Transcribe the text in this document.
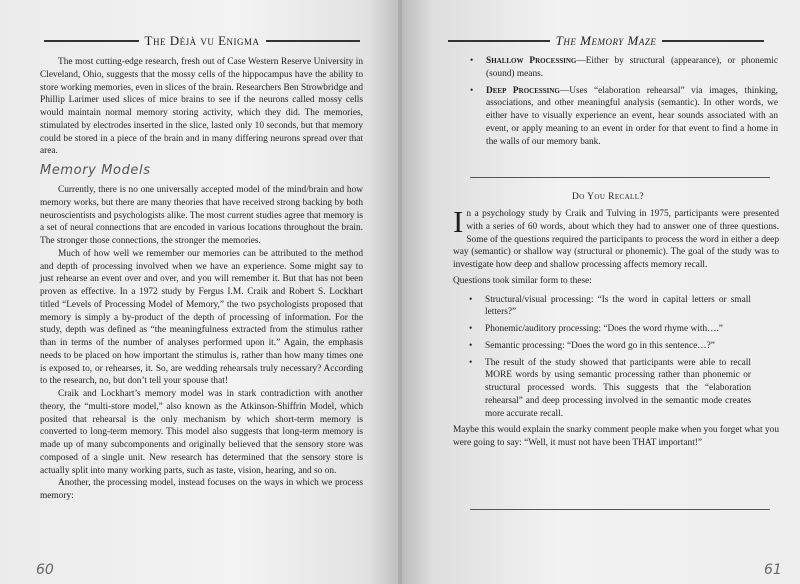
The Déjà vu Enigma

The most cutting-edge research, fresh out of Case Western Reserve University in Cleveland, Ohio, suggests that the mossy cells of the hippocampus have the ability to store working memories, even in slices of the brain. Researchers Ben Strowbridge and Phillip Larimer used slices of mice brains to see if the neurons called mossy cells would maintain normal memory storing activity, which they did. The memories, stimulated by electrodes inserted in the slice, lasted only 10 seconds, but that memory could be stored in a piece of the brain and in many differing neurons spread over that area.

Memory Models

Currently, there is no one universally accepted model of the mind/brain and how memory works, but there are many theories that have received strong backing by both neuroscientists and psychologists alike. The most current studies agree that memory is a set of neural connections that are encoded in various locations throughout the brain. The stronger those connections, the stronger the memories.

Much of how well we remember our memories can be attributed to the method and depth of processing involved when we have an experience. Some might say to just rehearse an event over and over, and you will remember it. But that has not been proven as effective. In a 1972 study by Fergus I.M. Craik and Robert S. Lockhart titled “Levels of Processing Model of Memory,” the two psychologists proposed that memory is simply a by-product of the depth of processing of information. For the study, depth was defined as “the meaningfulness extracted from the stimulus rather than in terms of the number of analyses performed upon it.” Again, the emphasis needs to be placed on how important the stimulus is, rather than how many times one is exposed to, or rehearses, it. So, are wedding rehearsals truly necessary? According to the research, no, but don’t tell your spouse that!

Craik and Lockhart’s memory model was in stark contradiction with another theory, the “multi-store model,” also known as the Atkinson-Shiffrin Model, which posited that rehearsal is the only mechanism by which short-term memory is converted to long-term memory. This model also suggests that long-term memory is made up of many subcomponents and originally believed that the sensory store was composed of a single unit. New research has determined that the sensory store is actually split into many working parts, such as taste, vision, hearing, and so on.

Another, the processing model, instead focuses on the ways in which we process memory:

60
The Memory Maze
• Shallow Processing—Either by structural (appearance), or phonemic (sound) means.
• Deep Processing—Uses “elaboration rehearsal” via images, thinking, associations, and other meaningful analysis (semantic). In other words, we either have to visually experience an event, hear sounds associated with an event, or apply meaning to an event in order for that event to find a home in the walls of our memory bank.
Do You Recall?

In a psychology study by Craik and Tulving in 1975, participants were presented with a series of 60 words, about which they had to answer one of three questions. Some of the questions required the participants to process the word in either a deep way (semantic) or shallow way (structural or phonemic). The goal of the study was to investigate how deep and shallow processing affects memory recall.

Questions took similar form to these:

• Structural/visual processing: “Is the word in capital letters or small letters?”
• Phonemic/auditory processing: “Does the word rhyme with….”
• Semantic processing: “Does the word go in this sentence…?”
• The result of the study showed that participants were able to recall MORE words by using semantic processing rather than phonemic or structural processed words. This suggests that the “elaboration rehearsal” and deep processing involved in the semantic mode creates more accurate recall.

Maybe this would explain the snarky comment people make when you forget what you were going to say: “Well, it must not have been THAT important!”

61
